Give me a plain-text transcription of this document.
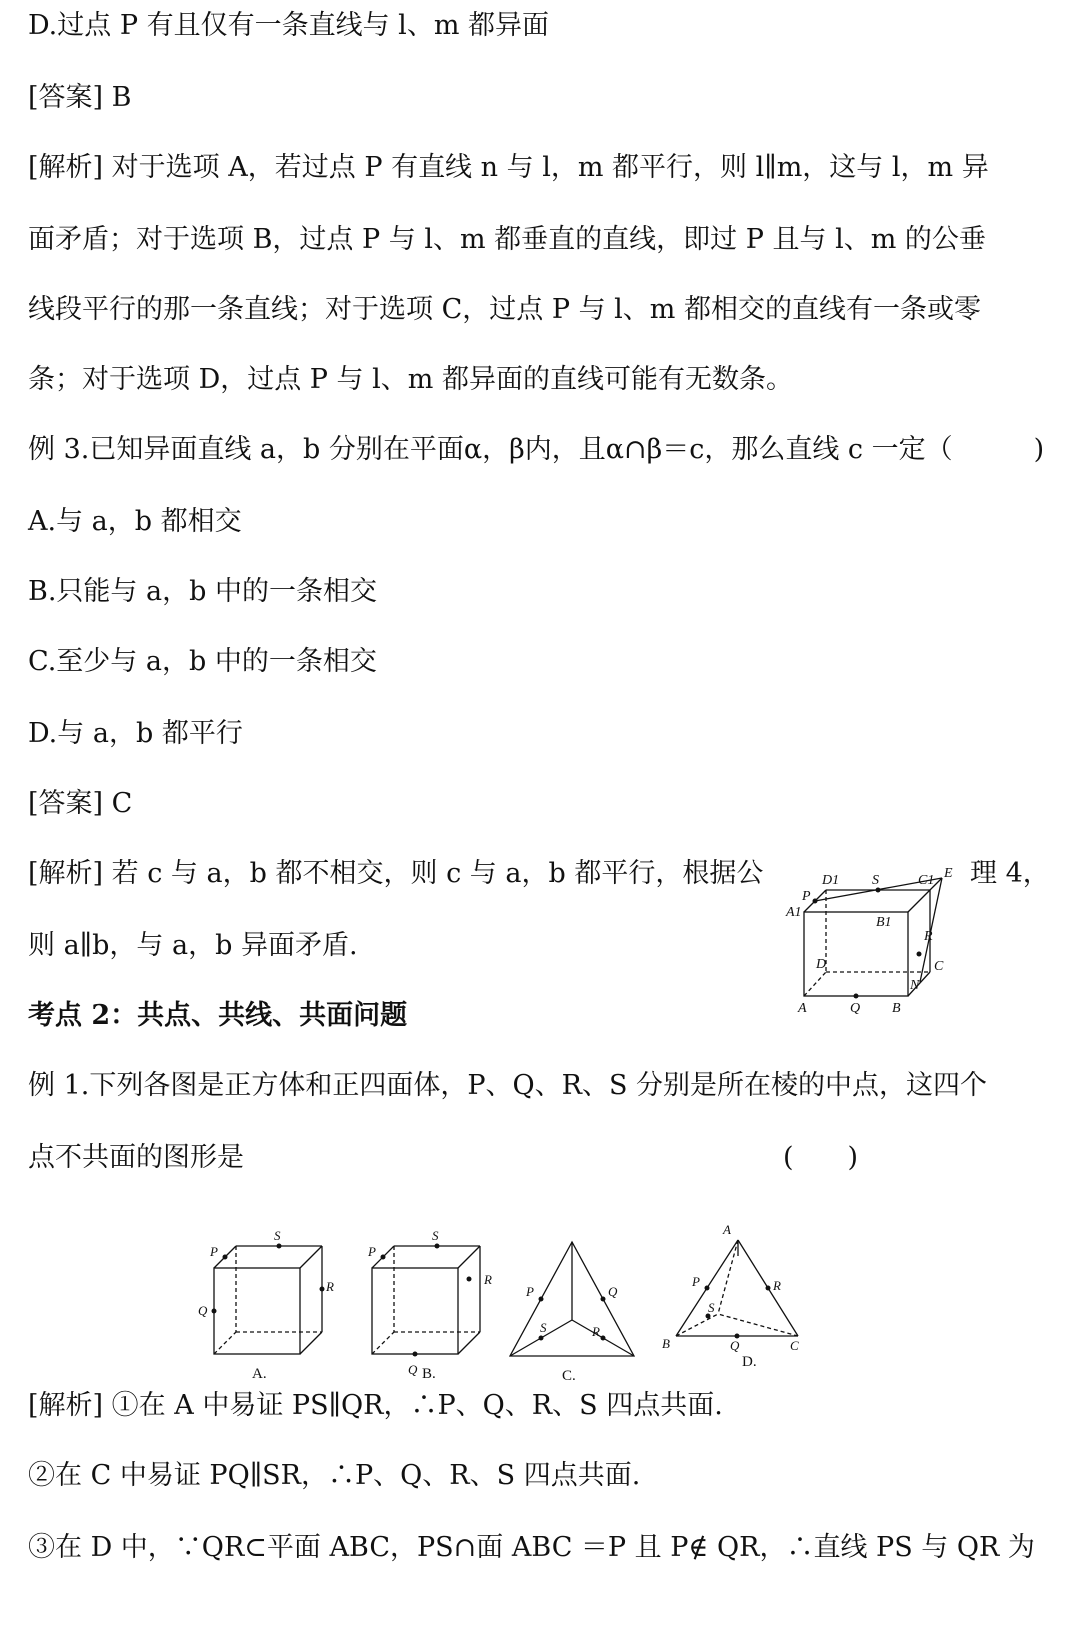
D.过点 P 有且仅有一条直线与 l、m 都异面
[答案] B
[解析] 对于选项 A，若过点 P 有直线 n 与 l，m 都平行，则 l∥m，这与 l，m 异
面矛盾；对于选项 B，过点 P 与 l、m 都垂直的直线，即过 P 且与 l、m 的公垂
线段平行的那一条直线；对于选项 C，过点 P 与 l、m 都相交的直线有一条或零
条；对于选项 D，过点 P 与 l、m 都异面的直线可能有无数条。
例 3.已知异面直线 a，b 分别在平面α，β内，且α∩β＝c，那么直线 c 一定（　　　)
A.与 a，b 都相交
B.只能与 a，b 中的一条相交
C.至少与 a，b 中的一条相交
D.与 a，b 都平行
[答案] C
[解析] 若 c 与 a，b 都不相交，则 c 与 a，b 都平行，根据公	理 4，
则 a∥b，与 a，b 异面矛盾.
考点 2：共点、共线、共面问题
例 1.下列各图是正方体和正四面体，P、Q、R、S 分别是所在棱的中点，这四个
点不共面的图形是	(　　)
[解析] ①在 A 中易证 PS∥QR，∴P、Q、R、S 四点共面.
②在 C 中易证 PQ∥SR，∴P、Q、R、S 四点共面.
③在 D 中，∵QR⊂平面 ABC，PS∩面 ABC ＝P 且 P∉ QR，∴直线 PS 与 QR 为
D1 S	C1 E
P
A1
B1
R
D	C
N
A	Q B
S
P
R
Q
A.
S
P
R
Q B.
P	Q
S	R
C.
A
P	R
S
B	Q	C
D.
